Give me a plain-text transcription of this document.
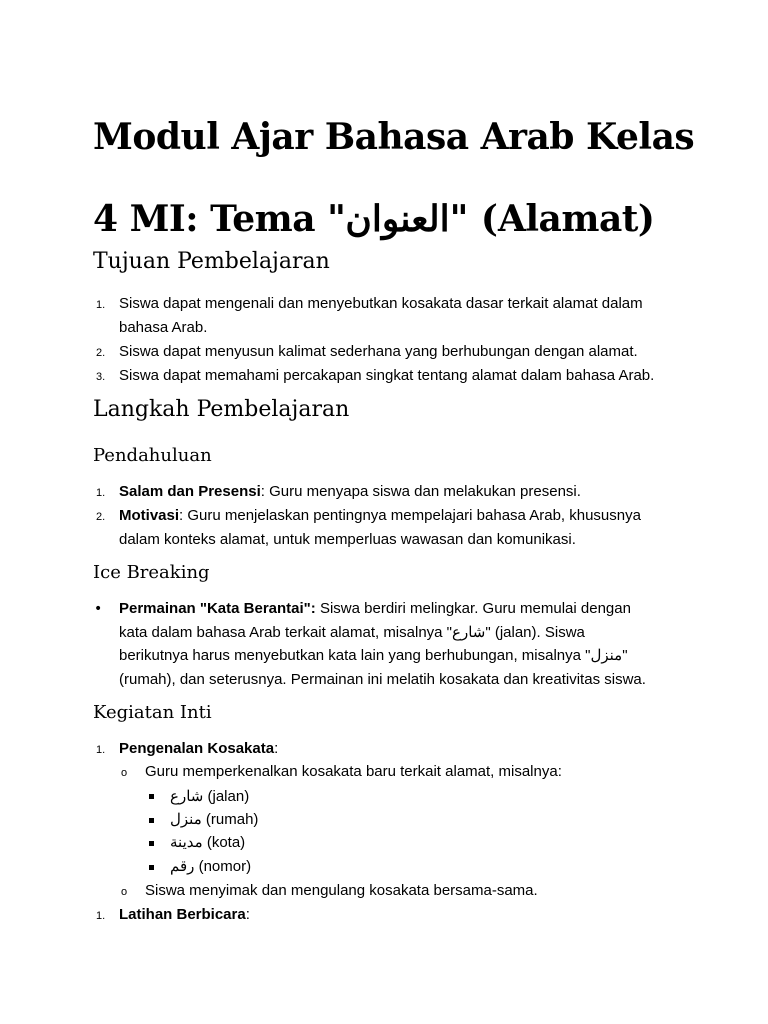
Modul Ajar Bahasa Arab Kelas
4 MI: Tema "العنوان" (Alamat)
Tujuan Pembelajaran
1. Siswa dapat mengenali dan menyebutkan kosakata dasar terkait alamat dalam
bahasa Arab.
2. Siswa dapat menyusun kalimat sederhana yang berhubungan dengan alamat.
3. Siswa dapat memahami percakapan singkat tentang alamat dalam bahasa Arab.
Langkah Pembelajaran
Pendahuluan
1. Salam dan Presensi: Guru menyapa siswa dan melakukan presensi.
2. Motivasi: Guru menjelaskan pentingnya mempelajari bahasa Arab, khususnya
dalam konteks alamat, untuk memperluas wawasan dan komunikasi.
Ice Breaking
• Permainan "Kata Berantai": Siswa berdiri melingkar. Guru memulai dengan
kata dalam bahasa Arab terkait alamat, misalnya "شارع" (jalan). Siswa
berikutnya harus menyebutkan kata lain yang berhubungan, misalnya "منزل"
(rumah), dan seterusnya. Permainan ini melatih kosakata dan kreativitas siswa.
Kegiatan Inti
1. Pengenalan Kosakata:
o Guru memperkenalkan kosakata baru terkait alamat, misalnya:
شارع (jalan)
منزل (rumah)
مدينة (kota)
رقم (nomor)
o Siswa menyimak dan mengulang kosakata bersama-sama.
1. Latihan Berbicara:
